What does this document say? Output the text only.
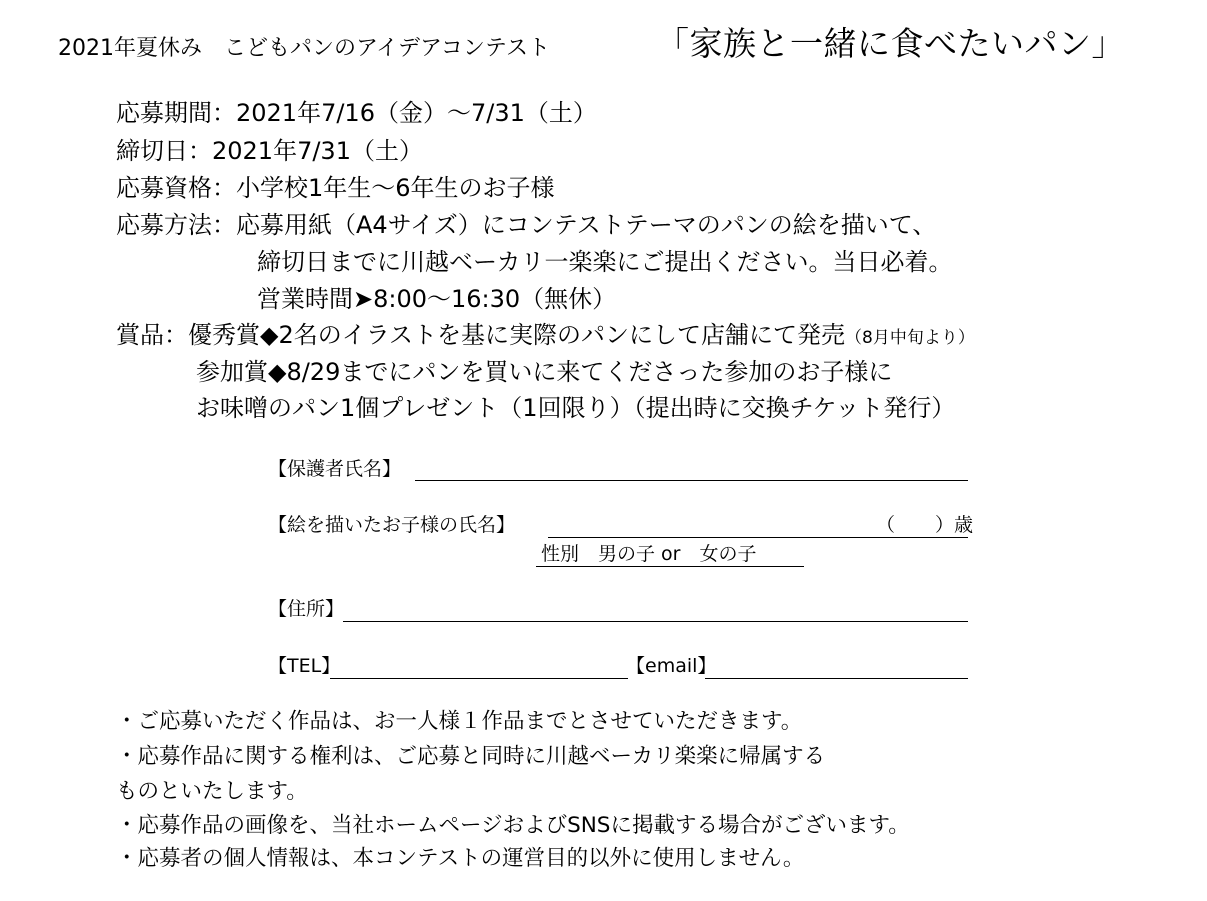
2021年夏休み　こどもパンのアイデアコンテスト	「家族と一緒に食べたいパン」
応募期間：2021年7/16（金）〜7/31（土）
締切日：2021年7/31（土）
応募資格：小学校1年生〜6年生のお子様
応募方法：応募用紙（A4サイズ）にコンテストテーマのパンの絵を描いて、
締切日までに川越ベーカリ一楽楽にご提出ください。当日必着。
営業時間➤8:00〜16:30（無休）
賞品：優秀賞◆2名のイラストを基に実際のパンにして店舗にて発売（8月中旬より）
参加賞◆8/29までにパンを買いに来てくださった参加のお子様に
お味噌のパン1個プレゼント（1回限り）（提出時に交換チケット発行）
【保護者氏名】
【絵を描いたお子様の氏名】	（ ）歳
性別　男の子 or　女の子
【住所】
【TEL】	【email】
・ご応募いただく作品は、お一人様１作品までとさせていただきます。
・応募作品に関する権利は、ご応募と同時に川越ベーカリ楽楽に帰属する
ものといたします。
・応募作品の画像を、当社ホームページおよびSNSに掲載する場合がございます。
・応募者の個人情報は、本コンテストの運営目的以外に使用しません。
